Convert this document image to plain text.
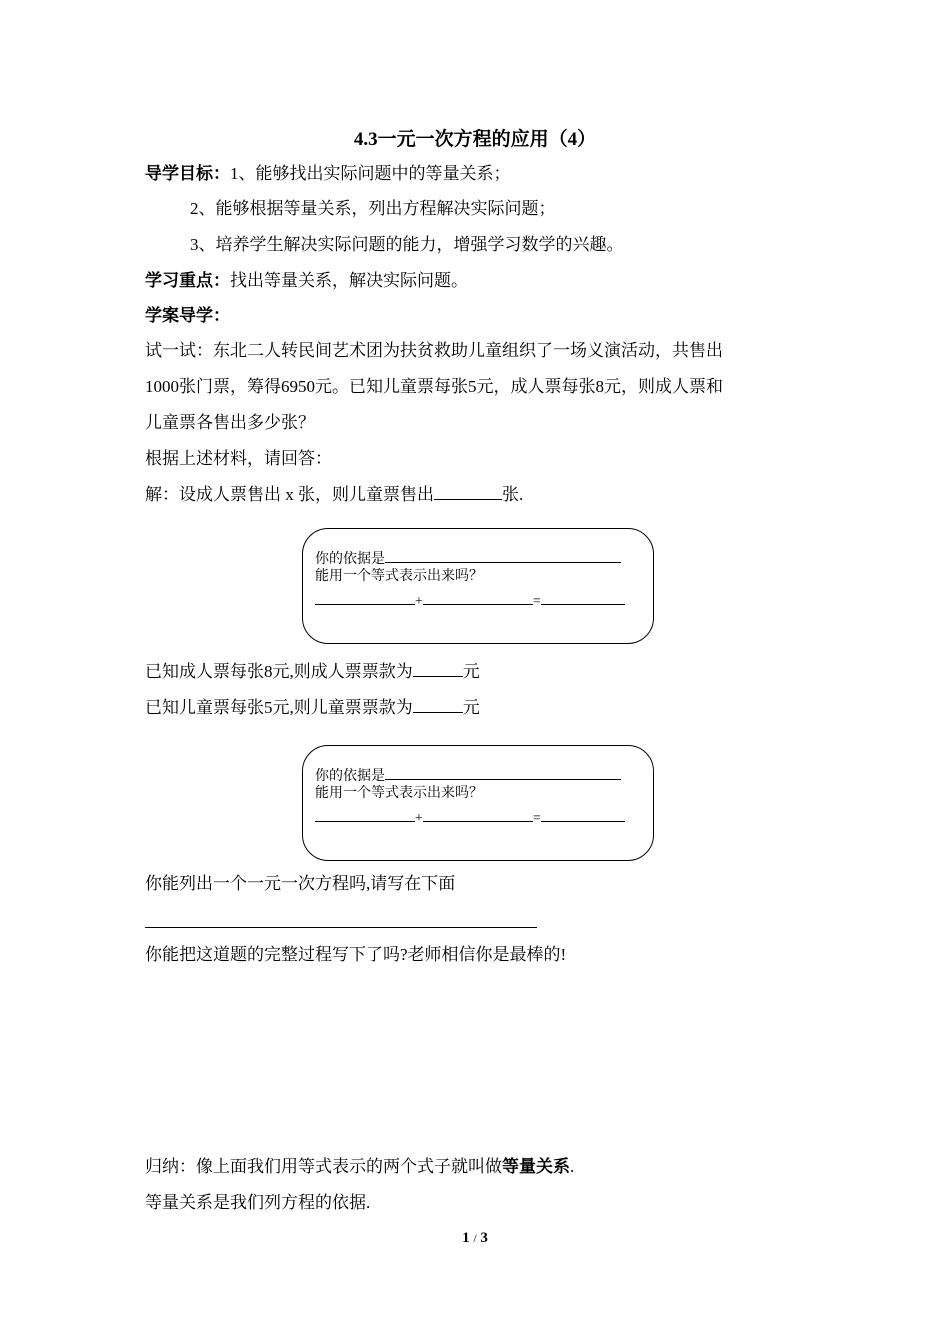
4.3一元一次方程的应用（4）
导学目标：1、能够找出实际问题中的等量关系；
2、能够根据等量关系，列出方程解决实际问题；
3、培养学生解决实际问题的能力，增强学习数学的兴趣。
学习重点：找出等量关系，解决实际问题。
学案导学：
试一试：东北二人转民间艺术团为扶贫救助儿童组织了一场义演活动，共售出
1000张门票，筹得6950元。已知儿童票每张5元，成人票每张8元，则成人票和
儿童票各售出多少张？
根据上述材料，请回答：
解：设成人票售出 x 张，则儿童票售出	张.
你的依据是
能用一个等式表示出来吗？
+	=
已知成人票每张8元,则成人票票款为	元
已知儿童票每张5元,则儿童票票款为	元
你的依据是
能用一个等式表示出来吗？
+	=
你能列出一个一元一次方程吗,请写在下面
你能把这道题的完整过程写下了吗?老师相信你是最棒的!
归纳：像上面我们用等式表示的两个式子就叫做等量关系.
等量关系是我们列方程的依据.
1 / 3
